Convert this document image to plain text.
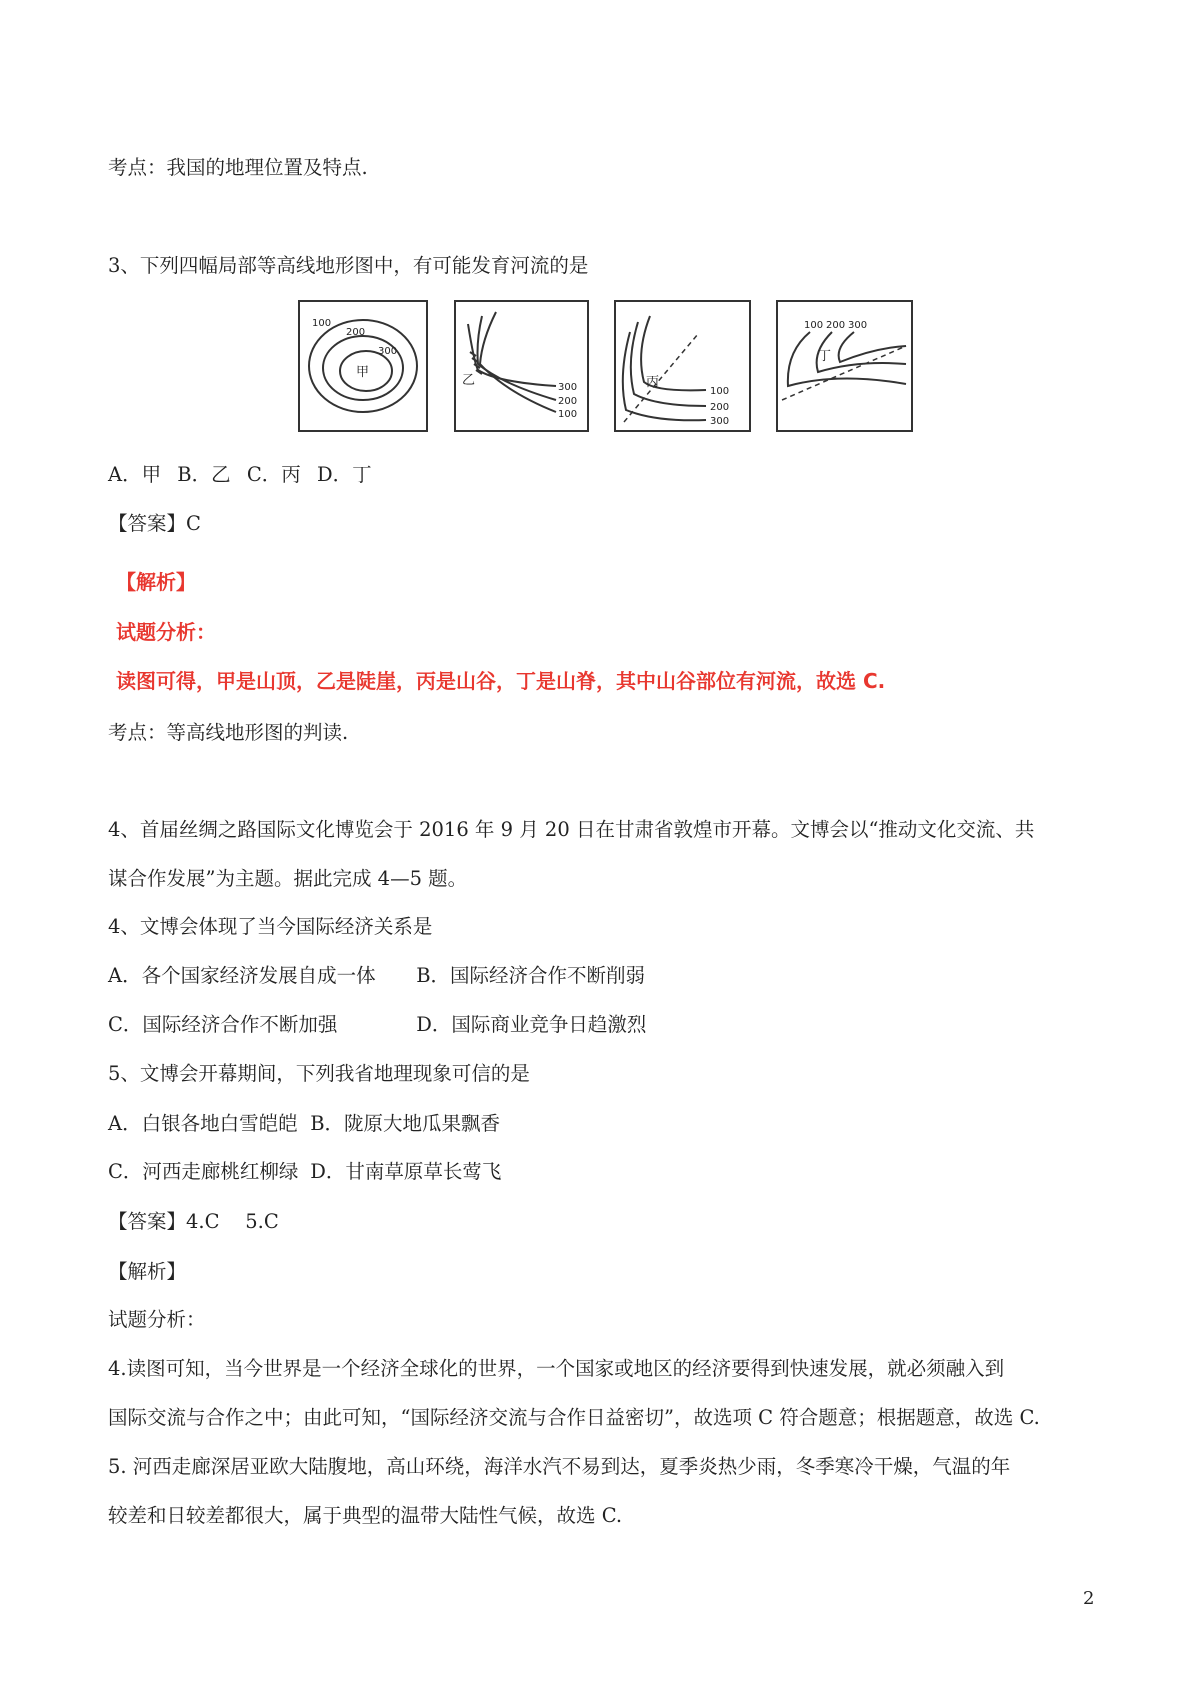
考点：我国的地理位置及特点.
3、下列四幅局部等高线地形图中，有可能发育河流的是
100
200
300
甲
300
200
100
乙
100
200
300
丙
100 200 300
丁
A．甲 B．乙 C．丙 D．丁
【答案】C
【解析】
试题分析：
读图可得，甲是山顶，乙是陡崖，丙是山谷，丁是山脊，其中山谷部位有河流，故选 C.
考点：等高线地形图的判读.
4、首届丝绸之路国际文化博览会于 2016 年 9 月 20 日在甘肃省敦煌市开幕。文博会以“推动文化交流、共
谋合作发展”为主题。据此完成 4—5 题。
4、文博会体现了当今国际经济关系是
A．各个国家经济发展自成一体 B．国际经济合作不断削弱
C．国际经济合作不断加强	D．国际商业竞争日趋激烈
5、文博会开幕期间，下列我省地理现象可信的是
A．白银各地白雪皑皑 B．陇原大地瓜果飘香
C．河西走廊桃红柳绿 D．甘南草原草长莺飞
【答案】4.C　 5.C
【解析】
试题分析：
4.读图可知，当今世界是一个经济全球化的世界，一个国家或地区的经济要得到快速发展，就必须融入到
国际交流与合作之中；由此可知，“国际经济交流与合作日益密切”，故选项 C 符合题意；根据题意，故选 C.
5. 河西走廊深居亚欧大陆腹地，高山环绕，海洋水汽不易到达，夏季炎热少雨，冬季寒冷干燥，气温的年
较差和日较差都很大，属于典型的温带大陆性气候，故选 C.
2
